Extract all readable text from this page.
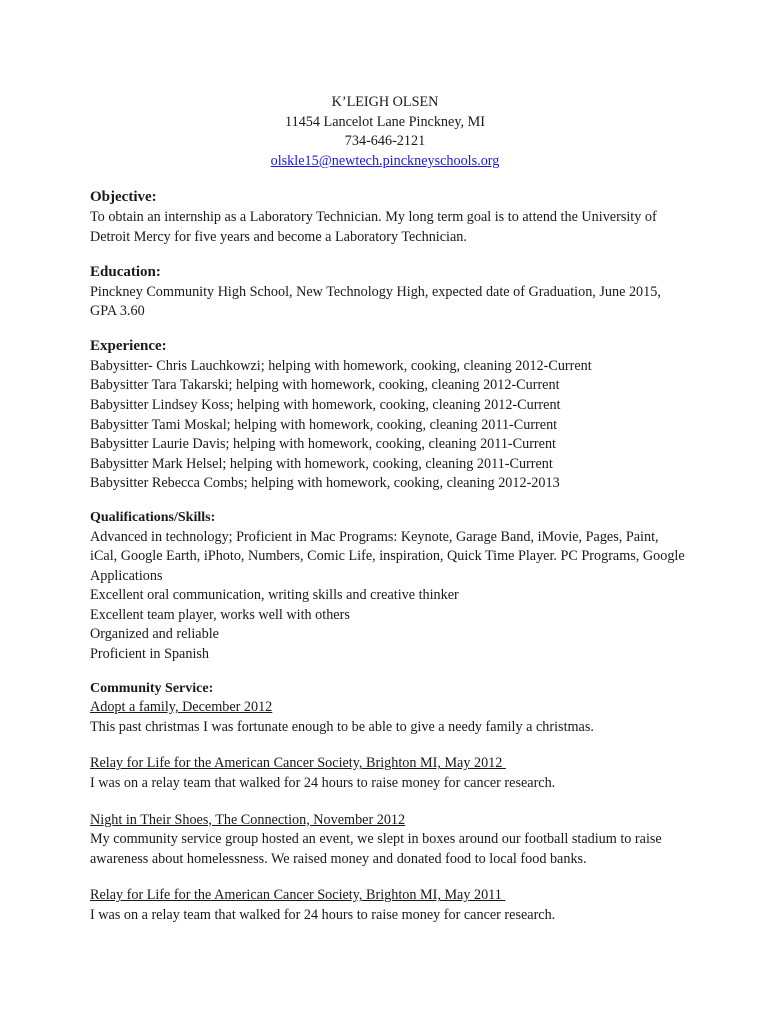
K’LEIGH OLSEN
11454 Lancelot Lane Pinckney, MI
734-646-2121
olskle15@newtech.pinckneyschools.org
Objective:
To obtain an internship as a Laboratory Technician. My long term goal is to attend the University of Detroit Mercy for five years and become a Laboratory Technician.
Education:
Pinckney Community High School, New Technology High, expected date of Graduation, June 2015, GPA 3.60
Experience:
Babysitter- Chris Lauchkowzi; helping with homework, cooking, cleaning 2012-Current
Babysitter Tara Takarski; helping with homework, cooking, cleaning 2012-Current
Babysitter Lindsey Koss; helping with homework, cooking, cleaning 2012-Current
Babysitter Tami Moskal; helping with homework, cooking, cleaning 2011-Current
Babysitter Laurie Davis; helping with homework, cooking, cleaning 2011-Current
Babysitter Mark Helsel; helping with homework, cooking, cleaning 2011-Current
Babysitter Rebecca Combs; helping with homework, cooking, cleaning 2012-2013
Qualifications/Skills:
Advanced in technology; Proficient in Mac Programs: Keynote, Garage Band, iMovie, Pages, Paint, iCal, Google Earth, iPhoto, Numbers, Comic Life, inspiration, Quick Time Player. PC Programs, Google Applications
Excellent oral communication, writing skills and creative thinker
Excellent team player, works well with others
Organized and reliable
Proficient in Spanish
Community Service:
Adopt a family, December 2012
This past christmas I was fortunate enough to be able to give a needy family a christmas.
Relay for Life for the American Cancer Society, Brighton MI, May 2012
I was on a relay team that walked for 24 hours to raise money for cancer research.
Night in Their Shoes, The Connection, November 2012
My community service group hosted an event, we slept in boxes around our football stadium to raise awareness about homelessness. We raised money and donated food to local food banks.
Relay for Life for the American Cancer Society, Brighton MI, May 2011
I was on a relay team that walked for 24 hours to raise money for cancer research.
